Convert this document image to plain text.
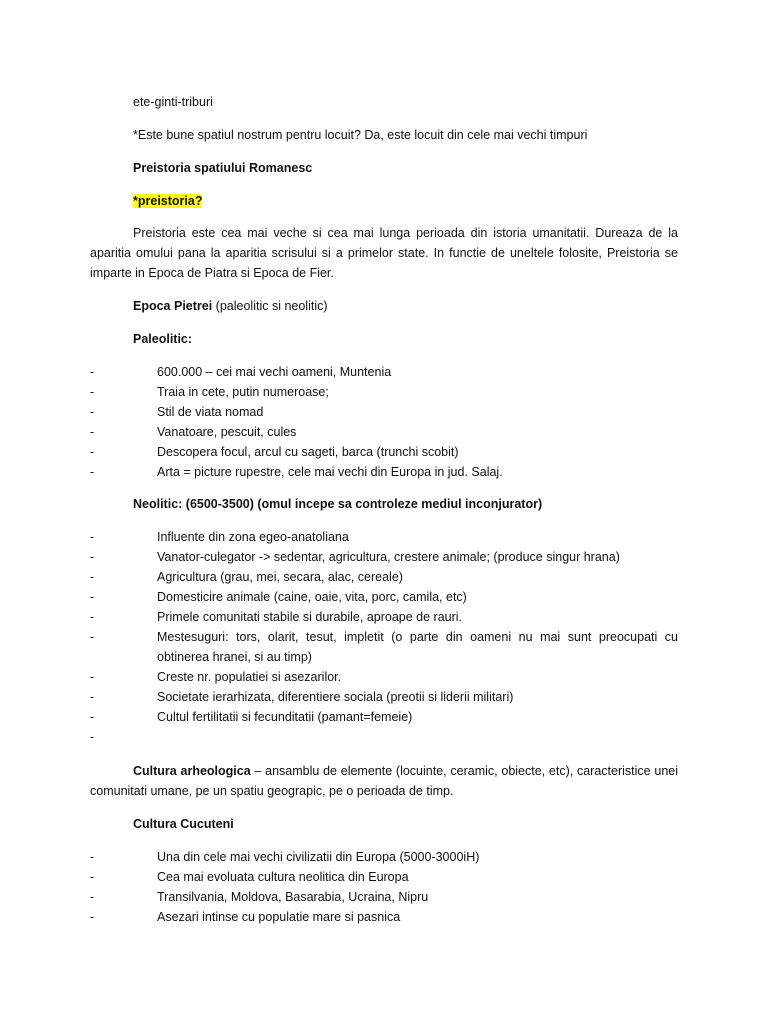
ete-ginti-triburi

*Este bune spatiul nostrum pentru locuit? Da, este locuit din cele mai vechi timpuri

Preistoria spatiului Romanesc

*preistoria?

Preistoria este cea mai veche si cea mai lunga perioada din istoria umanitatii. Dureaza de la aparitia omului pana la aparitia scrisului si a primelor state. In functie de uneltele folosite, Preistoria se imparte in Epoca de Piatra si Epoca de Fier.

Epoca Pietrei (paleolitic si neolitic)

Paleolitic:

-	600.000 – cei mai vechi oameni, Muntenia
-	Traia in cete, putin numeroase;
-	Stil de viata nomad
-	Vanatoare, pescuit, cules
-	Descopera focul, arcul cu sageti, barca (trunchi scobit)
-	Arta = picture rupestre, cele mai vechi din Europa in jud. Salaj.

Neolitic: (6500-3500) (omul incepe sa controleze mediul inconjurator)

-	Influente din zona egeo-anatoliana
-	Vanator-culegator -> sedentar, agricultura, crestere animale; (produce singur hrana)
-	Agricultura (grau, mei, secara, alac, cereale)
-	Domesticire animale (caine, oaie, vita, porc, camila, etc)
-	Primele comunitati stabile si durabile, aproape de rauri.
-	Mestesuguri: tors, olarit, tesut, impletit (o parte din oameni nu mai sunt preocupati cu obtinerea hranei, si au timp)
-	Creste nr. populatiei si asezarilor.
-	Societate ierarhizata, diferentiere sociala (preotii si liderii militari)
-	Cultul fertilitatii si fecunditatii (pamant=femeie)
-

Cultura arheologica – ansamblu de elemente (locuinte, ceramic, obiecte, etc), caracteristice unei comunitati umane, pe un spatiu geograpic, pe o perioada de timp.

Cultura Cucuteni

-	Una din cele mai vechi civilizatii din Europa (5000-3000iH)
-	Cea mai evoluata cultura neolitica din Europa
-	Transilvania, Moldova, Basarabia, Ucraina, Nipru
-	Asezari intinse cu populatie mare si pasnica
